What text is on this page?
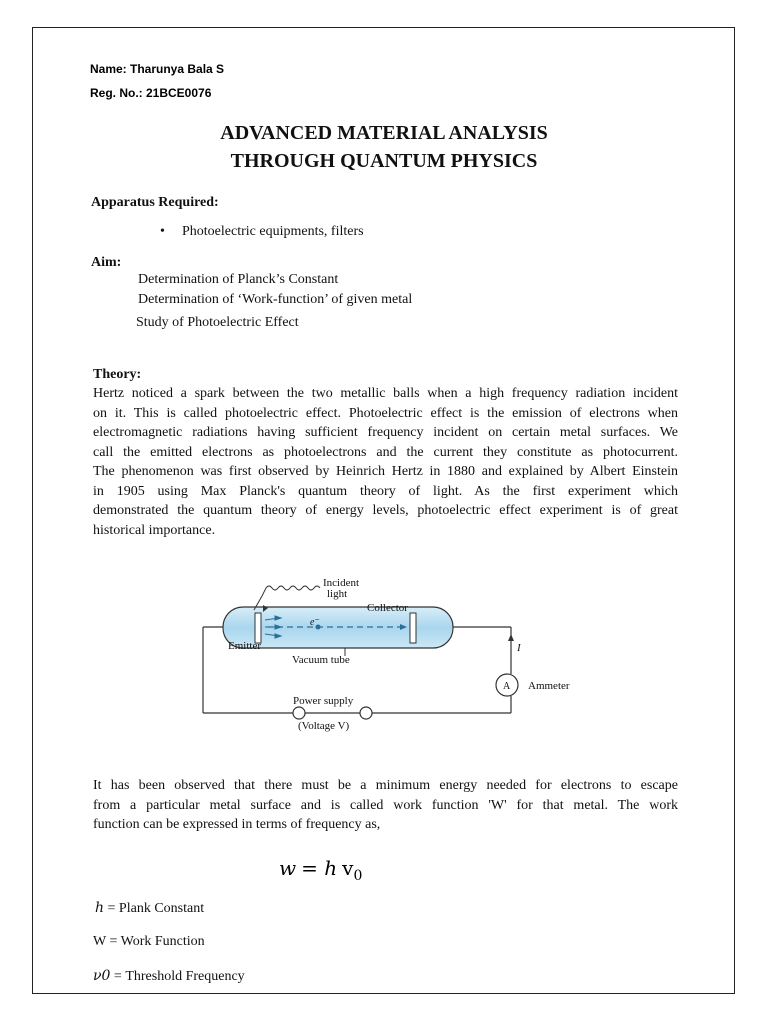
Name: Tharunya Bala S
Reg. No.: 21BCE0076
ADVANCED MATERIAL ANALYSIS
THROUGH QUANTUM PHYSICS
Apparatus Required:
• Photoelectric equipments, filters
Aim:
Determination of Planck’s Constant
Determination of ‘Work-function’ of given metal
Study of Photoelectric Effect
Theory:
Hertz noticed a spark between the two metallic balls when a high frequency radiation incident
on it. This is called photoelectric effect. Photoelectric effect is the emission of electrons when
electromagnetic radiations having sufficient frequency incident on certain metal surfaces. We
call the emitted electrons as photoelectrons and the current they constitute as photocurrent.
The phenomenon was first observed by Heinrich Hertz in 1880 and explained by Albert Einstein
in 1905 using Max Planck's quantum theory of light. As the first experiment which
demonstrated the quantum theory of energy levels, photoelectric effect experiment is of great
historical importance.
Incident
light
Collector
Emitter
e⁻
Vacuum tube
I
A Ammeter
Power supply
(Voltage V)
It has been observed that there must be a minimum energy needed for electrons to escape
from a particular metal surface and is called work function 'W' for that metal. The work
function can be expressed in terms of frequency as,
w = h $v_0$
h = Plank Constant
W = Work Function
ν0 = Threshold Frequency
